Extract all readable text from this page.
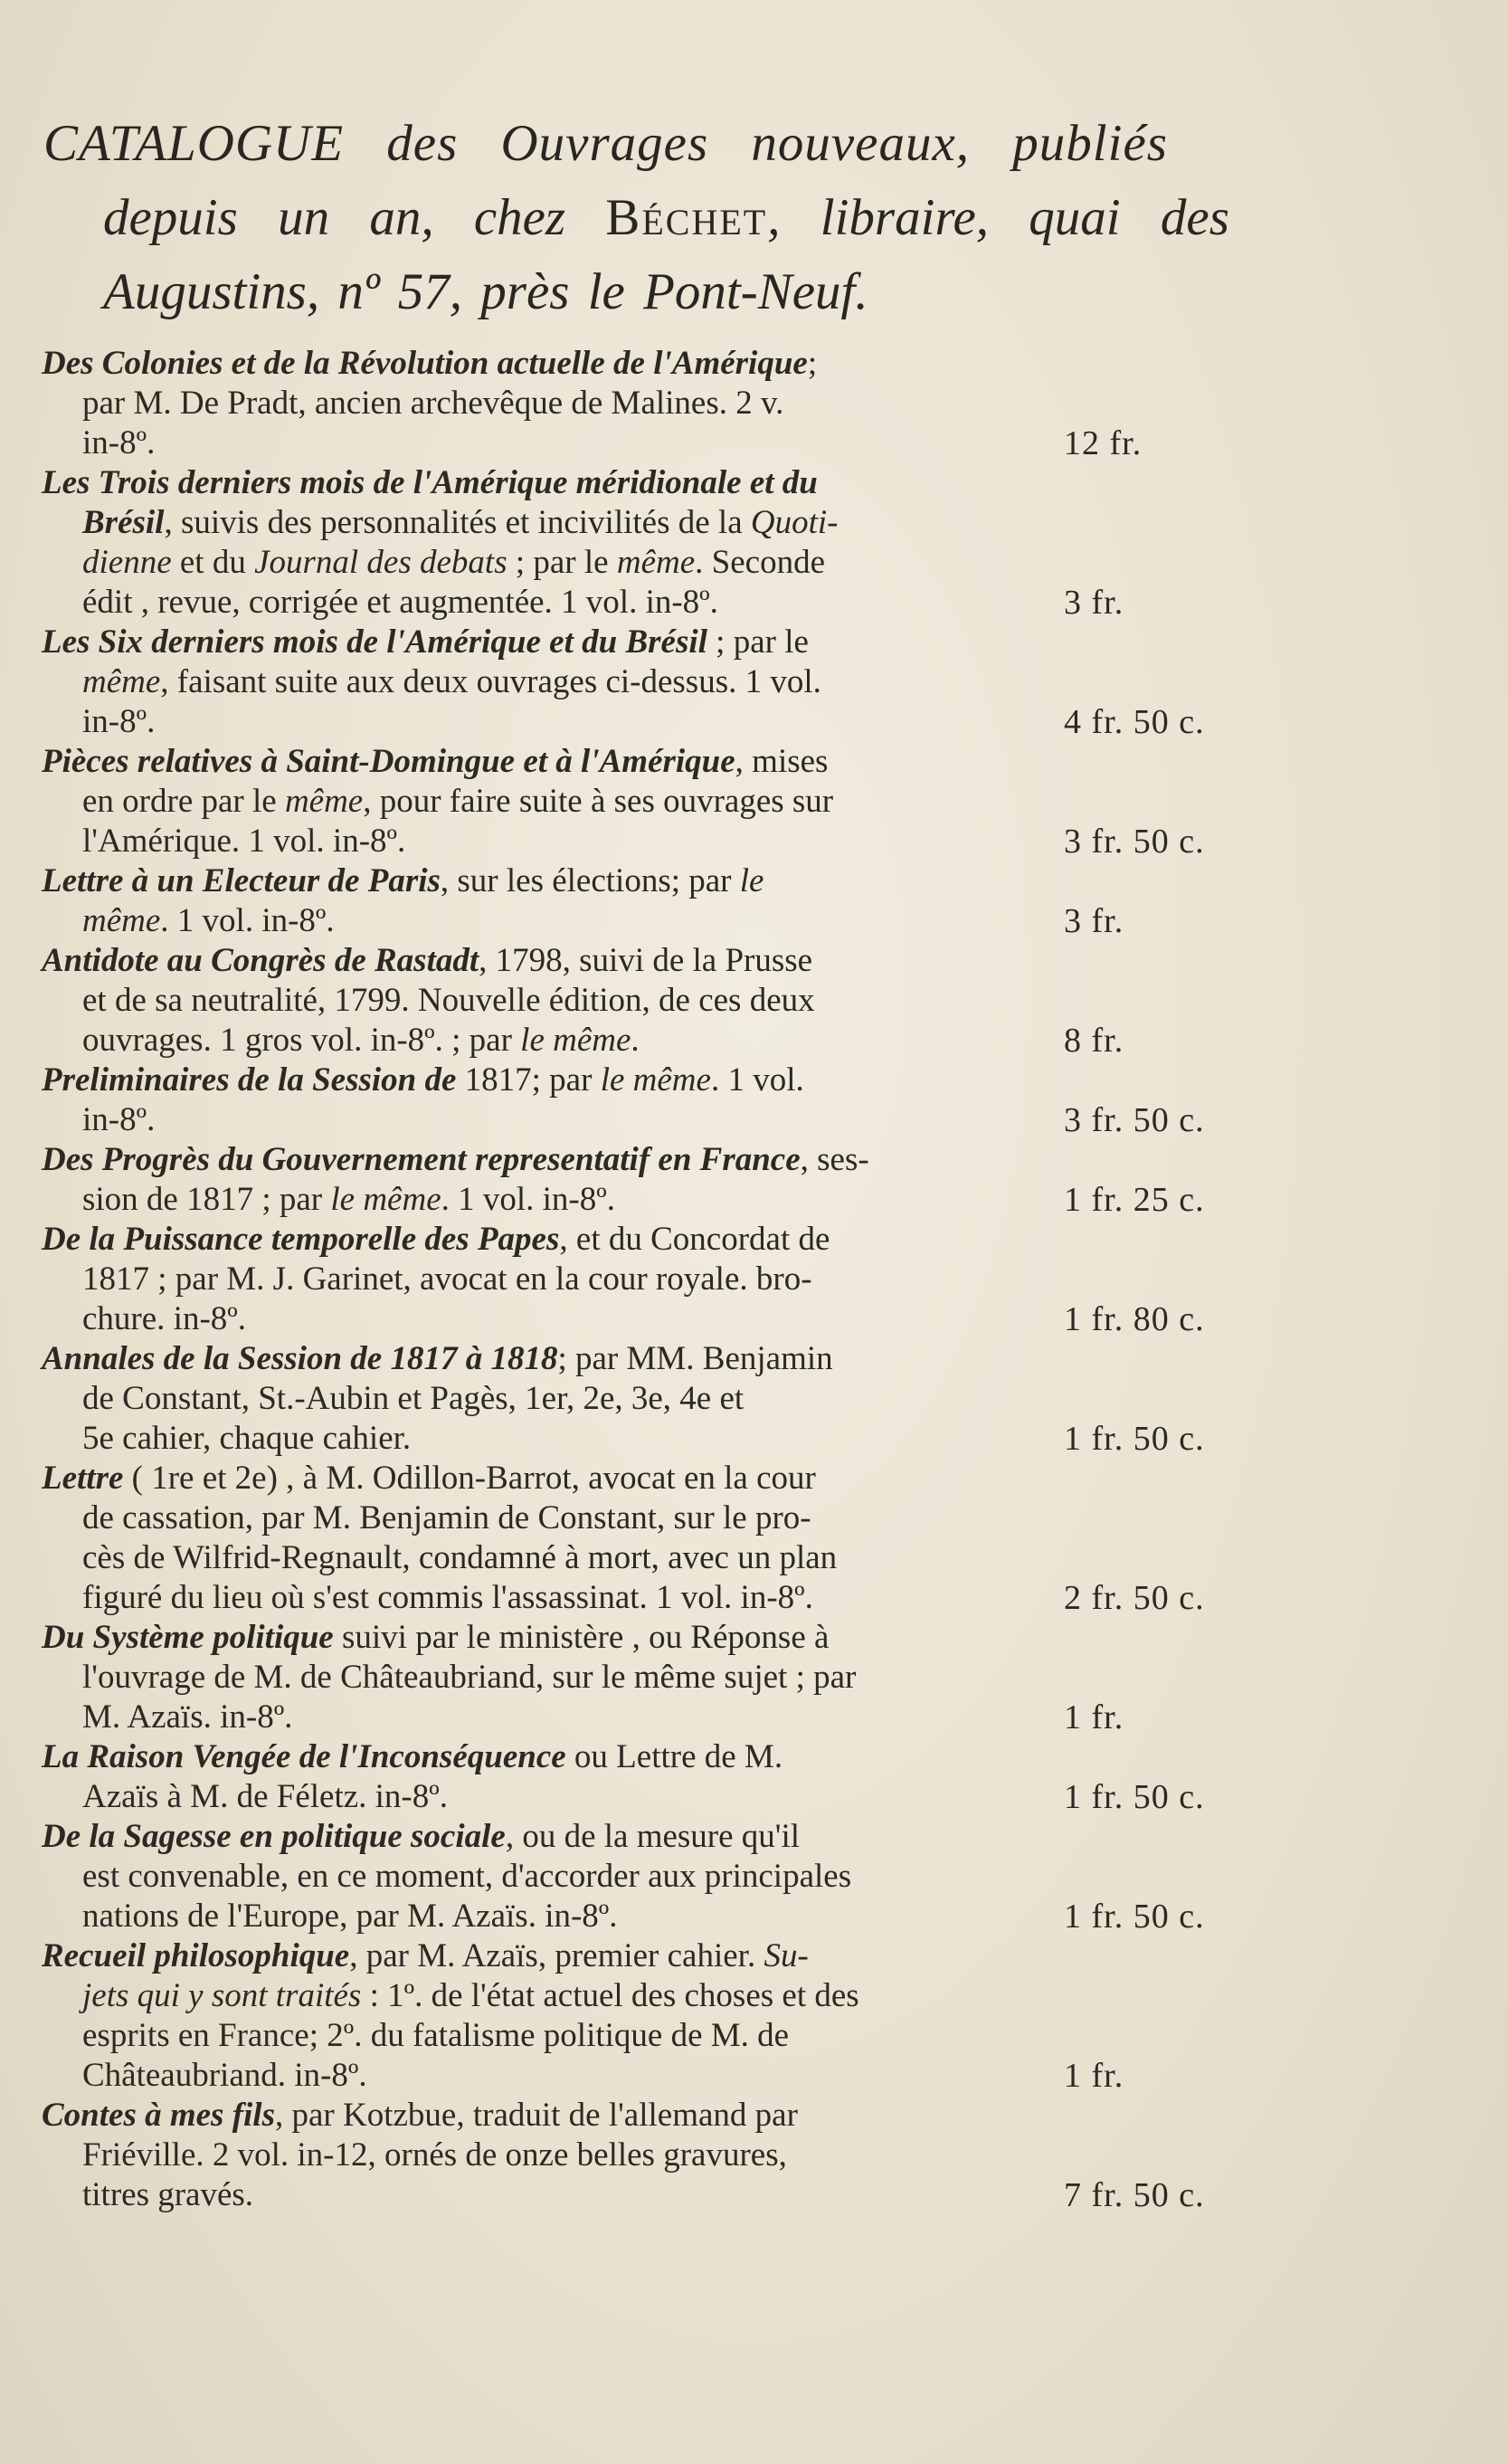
CATALOGUE des Ouvrages nouveaux, publiés
depuis un an, chez Béchet, libraire, quai des
Augustins, nº 57, près le Pont-Neuf.
Des Colonies et de la Révolution actuelle de l'Amérique;
par M. De Pradt, ancien archevêque de Malines. 2 v.
in-8º.	12 fr.
Les Trois derniers mois de l'Amérique méridionale et du
Brésil, suivis des personnalités et incivilités de la Quoti-
dienne et du Journal des debats ; par le même. Seconde
édit , revue, corrigée et augmentée. 1 vol. in-8º.	3 fr.
Les Six derniers mois de l'Amérique et du Brésil ; par le
même, faisant suite aux deux ouvrages ci-dessus. 1 vol.
in-8º.	4 fr. 50 c.
Pièces relatives à Saint-Domingue et à l'Amérique, mises
en ordre par le même, pour faire suite à ses ouvrages sur
l'Amérique. 1 vol. in-8º.	3 fr. 50 c.
Lettre à un Electeur de Paris, sur les élections; par le
même. 1 vol. in-8º.	3 fr.
Antidote au Congrès de Rastadt, 1798, suivi de la Prusse
et de sa neutralité, 1799. Nouvelle édition, de ces deux
ouvrages. 1 gros vol. in-8º. ; par le même.	8 fr.
Preliminaires de la Session de 1817; par le même. 1 vol.
in-8º.	3 fr. 50 c.
Des Progrès du Gouvernement representatif en France, ses-
sion de 1817 ; par le même. 1 vol. in-8º.	1 fr. 25 c.
De la Puissance temporelle des Papes, et du Concordat de
1817 ; par M. J. Garinet, avocat en la cour royale. bro-
chure. in-8º.	1 fr. 80 c.
Annales de la Session de 1817 à 1818; par MM. Benjamin
de Constant, St.-Aubin et Pagès, 1er, 2e, 3e, 4e et
5e cahier, chaque cahier.	1 fr. 50 c.
Lettre ( 1re et 2e) , à M. Odillon-Barrot, avocat en la cour
de cassation, par M. Benjamin de Constant, sur le pro-
cès de Wilfrid-Regnault, condamné à mort, avec un plan
figuré du lieu où s'est commis l'assassinat. 1 vol. in-8º.	2 fr. 50 c.
Du Système politique suivi par le ministère , ou Réponse à
l'ouvrage de M. de Châteaubriand, sur le même sujet ; par
M. Azaïs. in-8º.	1 fr.
La Raison Vengée de l'Inconséquence ou Lettre de M.
Azaïs à M. de Féletz. in-8º.	1 fr. 50 c.
De la Sagesse en politique sociale, ou de la mesure qu'il
est convenable, en ce moment, d'accorder aux principales
nations de l'Europe, par M. Azaïs. in-8º.	1 fr. 50 c.
Recueil philosophique, par M. Azaïs, premier cahier. Su-
jets qui y sont traités : 1º. de l'état actuel des choses et des
esprits en France; 2º. du fatalisme politique de M. de
Châteaubriand. in-8º.	1 fr.
Contes à mes fils, par Kotzbue, traduit de l'allemand par
Friéville. 2 vol. in-12, ornés de onze belles gravures,
titres gravés.	7 fr. 50 c.
